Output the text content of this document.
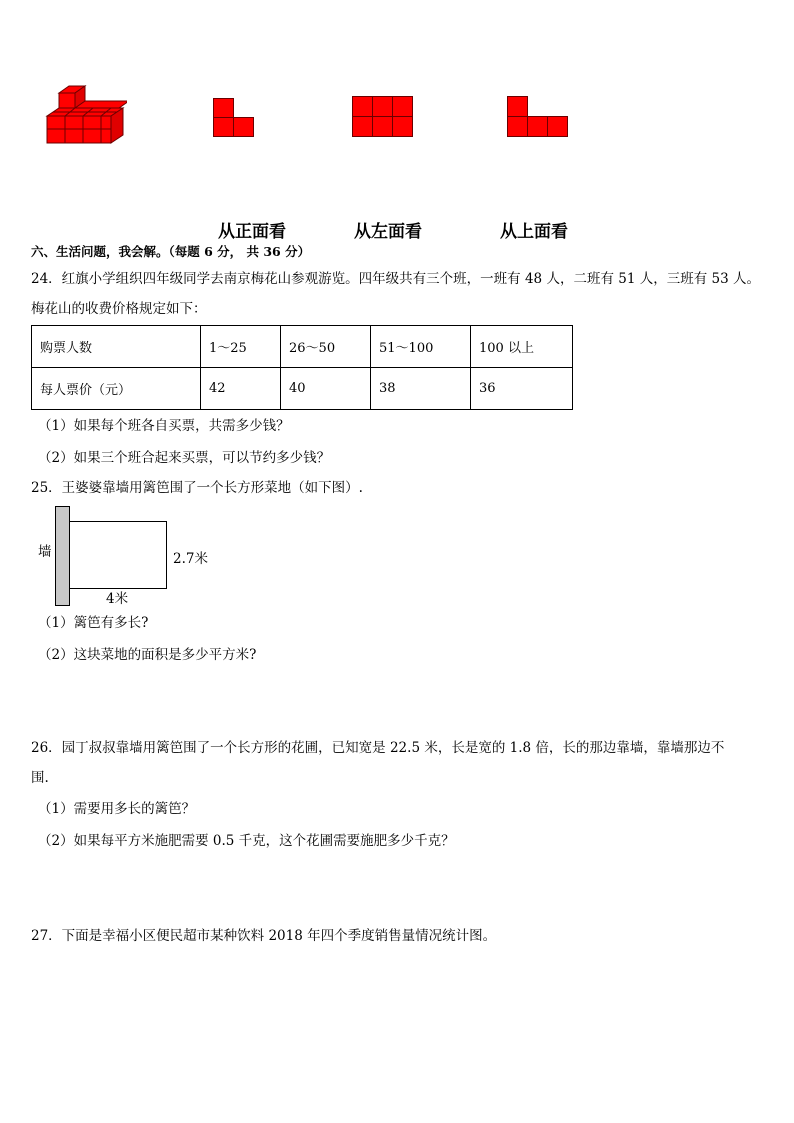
从正面看	从左面看	从上面看
六、生活问题，我会解。（每题 6 分， 共 36 分）
24．红旗小学组织四年级同学去南京梅花山参观游览。四年级共有三个班，一班有 48 人，二班有 51 人，三班有 53 人。
梅花山的收费价格规定如下：
购票人数	1～25	26～50	51～100	100 以上
每人票价（元）	42	40	38	36
（1）如果每个班各自买票，共需多少钱？
（2）如果三个班合起来买票，可以节约多少钱？
25．王婆婆靠墙用篱笆围了一个长方形菜地（如下图）.
墙	2.7米
4米
（1）篱笆有多长?
（2）这块菜地的面积是多少平方米?
26．园丁叔叔靠墙用篱笆围了一个长方形的花圃，已知宽是 22.5 米，长是宽的 1.8 倍，长的那边靠墙，靠墙那边不
围.
（1）需要用多长的篱笆？
（2）如果每平方米施肥需要 0.5 千克，这个花圃需要施肥多少千克？
27．下面是幸福小区便民超市某种饮料 2018 年四个季度销售量情况统计图。
